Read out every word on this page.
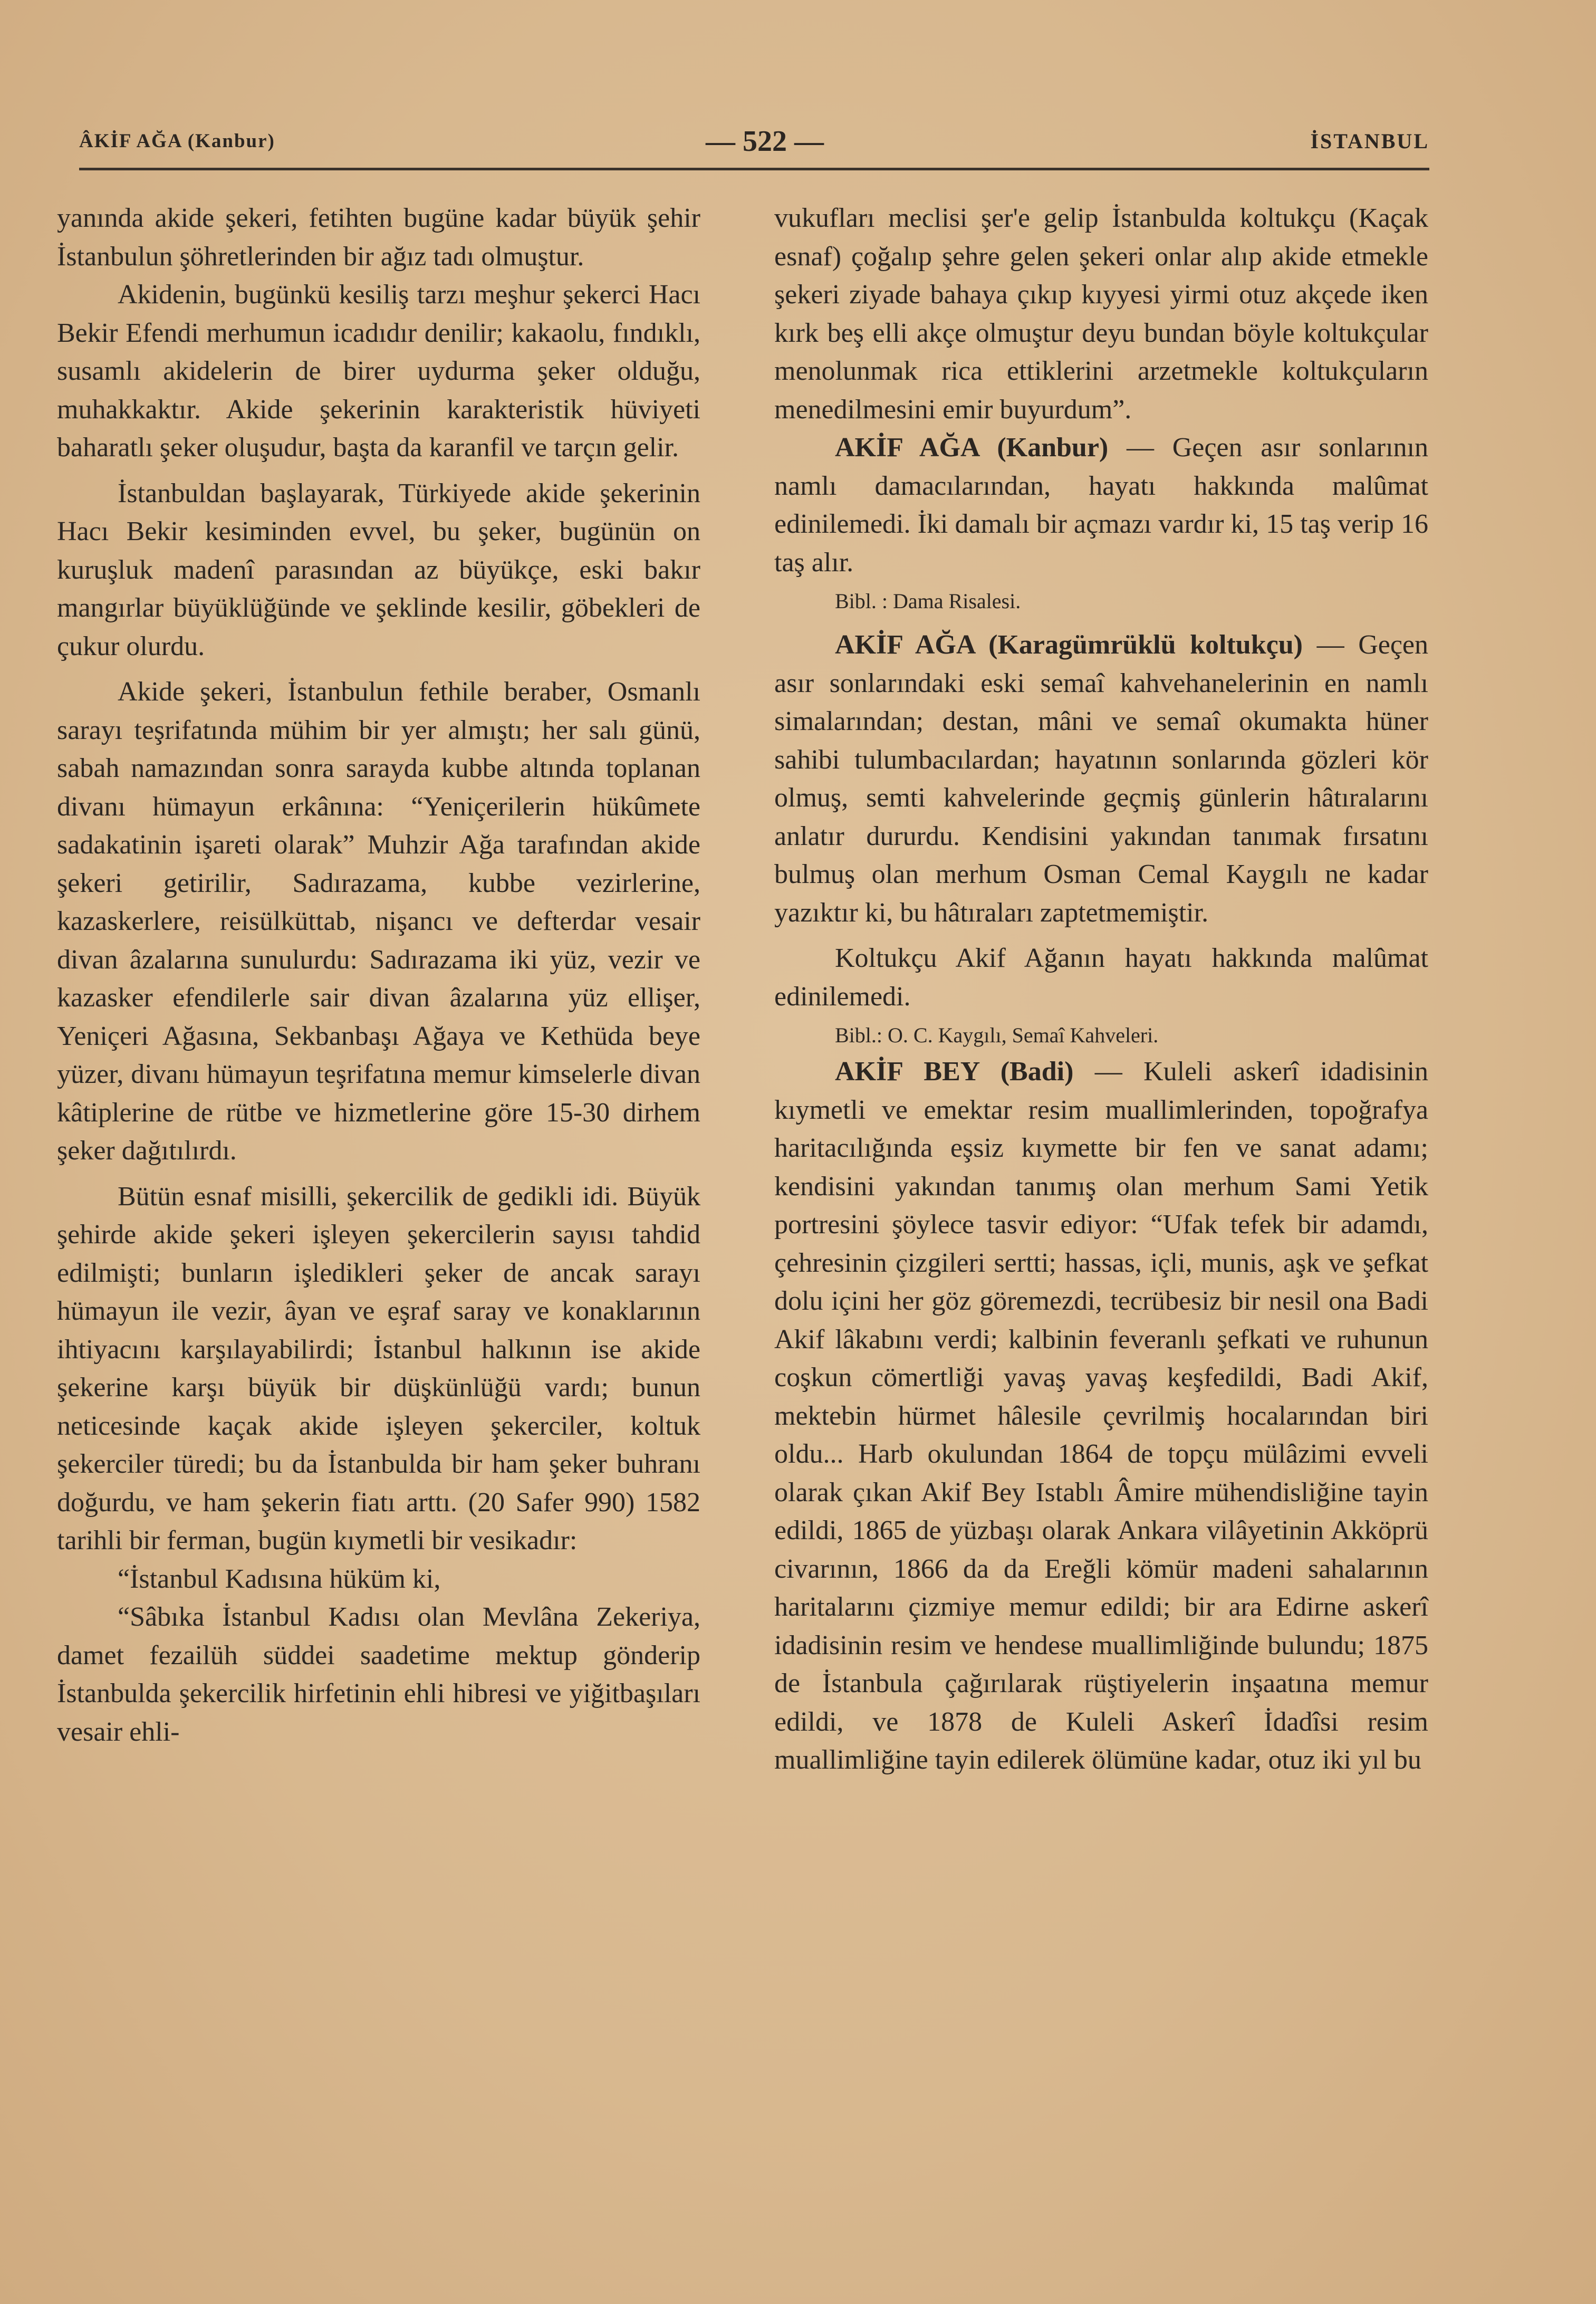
ÂKİF AĞA (Kanbur)	— 522 —	İSTANBUL

yanında akide şekeri, fetihten bugüne kadar büyük şehir İstanbulun şöhretlerinden bir ağız tadı olmuştur.

Akidenin, bugünkü kesiliş tarzı meşhur şekerci Hacı Bekir Efendi merhumun icadıdır denilir; kakaolu, fındıklı, susamlı akidelerin de birer uydurma şeker olduğu, muhakkaktır. Akide şekerinin karakteristik hüviyeti baharatlı şeker oluşudur, başta da karanfil ve tarçın gelir.

İstanbuldan başlayarak, Türkiyede akide şekerinin Hacı Bekir kesiminden evvel, bu şeker, bugünün on kuruşluk madenî parasından az büyükçe, eski bakır mangırlar büyüklüğünde ve şeklinde kesilir, göbekleri de çukur olurdu.

Akide şekeri, İstanbulun fethile beraber, Osmanlı sarayı teşrifatında mühim bir yer almıştı; her salı günü, sabah namazından sonra sarayda kubbe altında toplanan divanı hümayun erkânına: “Yeniçerilerin hükûmete sadakatinin işareti olarak” Muhzir Ağa tarafından akide şekeri getirilir, Sadırazama, kubbe vezirlerine, kazaskerlere, reisülküttab, nişancı ve defterdar vesair divan âzalarına sunulurdu: Sadırazama iki yüz, vezir ve kazasker efendilerle sair divan âzalarına yüz ellişer, Yeniçeri Ağasına, Sekbanbaşı Ağaya ve Kethüda beye yüzer, divanı hümayun teşrifatına memur kimselerle divan kâtiplerine de rütbe ve hizmetlerine göre 15-30 dirhem şeker dağıtılırdı.

Bütün esnaf misilli, şekercilik de gedikli idi. Büyük şehirde akide şekeri işleyen şekercilerin sayısı tahdid edilmişti; bunların işledikleri şeker de ancak sarayı hümayun ile vezir, âyan ve eşraf saray ve konaklarının ihtiyacını karşılayabilirdi; İstanbul halkının ise akide şekerine karşı büyük bir düşkünlüğü vardı; bunun neticesinde kaçak akide işleyen şekerciler, koltuk şekerciler türedi; bu da İstanbulda bir ham şeker buhranı doğurdu, ve ham şekerin fiatı arttı. (20 Safer 990) 1582 tarihli bir ferman, bugün kıymetli bir vesikadır:

“İstanbul Kadısına hüküm ki,

“Sâbıka İstanbul Kadısı olan Mevlâna Zekeriya, damet fezailüh süddei saadetime mektup gönderip İstanbulda şekercilik hirfetinin ehli hibresi ve yiğitbaşıları vesair ehli-

vukufları meclisi şer'e gelip İstanbulda koltukçu (Kaçak esnaf) çoğalıp şehre gelen şekeri onlar alıp akide etmekle şekeri ziyade bahaya çıkıp kıyyesi yirmi otuz akçede iken kırk beş elli akçe olmuştur deyu bundan böyle koltukçular menolunmak rica ettiklerini arzetmekle koltukçuların menedilmesini emir buyurdum”.

AKİF AĞA (Kanbur) — Geçen asır sonlarının namlı damacılarından, hayatı hakkında malûmat edinilemedi. İki damalı bir açmazı vardır ki, 15 taş verip 16 taş alır.

Bibl. : Dama Risalesi.

AKİF AĞA (Karagümrüklü koltukçu) — Geçen asır sonlarındaki eski semaî kahvehanelerinin en namlı simalarından; destan, mâni ve semaî okumakta hüner sahibi tulumbacılardan; hayatının sonlarında gözleri kör olmuş, semti kahvelerinde geçmiş günlerin hâtıralarını anlatır dururdu. Kendisini yakından tanımak fırsatını bulmuş olan merhum Osman Cemal Kaygılı ne kadar yazıktır ki, bu hâtıraları zaptetmemiştir.

Koltukçu Akif Ağanın hayatı hakkında malûmat edinilemedi.

Bibl.: O. C. Kaygılı, Semaî Kahveleri.

AKİF BEY (Badi) — Kuleli askerî idadisinin kıymetli ve emektar resim muallimlerinden, topoğrafya haritacılığında eşsiz kıymette bir fen ve sanat adamı; kendisini yakından tanımış olan merhum Sami Yetik portresini şöylece tasvir ediyor: “Ufak tefek bir adamdı, çehresinin çizgileri sertti; hassas, içli, munis, aşk ve şefkat dolu içini her göz göremezdi, tecrübesiz bir nesil ona Badi Akif lâkabını verdi; kalbinin feveranlı şefkati ve ruhunun coşkun cömertliği yavaş yavaş keşfedildi, Badi Akif, mektebin hürmet hâlesile çevrilmiş hocalarından biri oldu... Harb okulundan 1864 de topçu mülâzimi evveli olarak çıkan Akif Bey Istablı Âmire mühendisliğine tayin edildi, 1865 de yüzbaşı olarak Ankara vilâyetinin Akköprü civarının, 1866 da da Ereğli kömür madeni sahalarının haritalarını çizmiye memur edildi; bir ara Edirne askerî idadisinin resim ve hendese muallimliğinde bulundu; 1875 de İstanbula çağırılarak rüştiyelerin inşaatına memur edildi, ve 1878 de Kuleli Askerî İdadîsi resim muallimliğine tayin edilerek ölümüne kadar, otuz iki yıl bu
